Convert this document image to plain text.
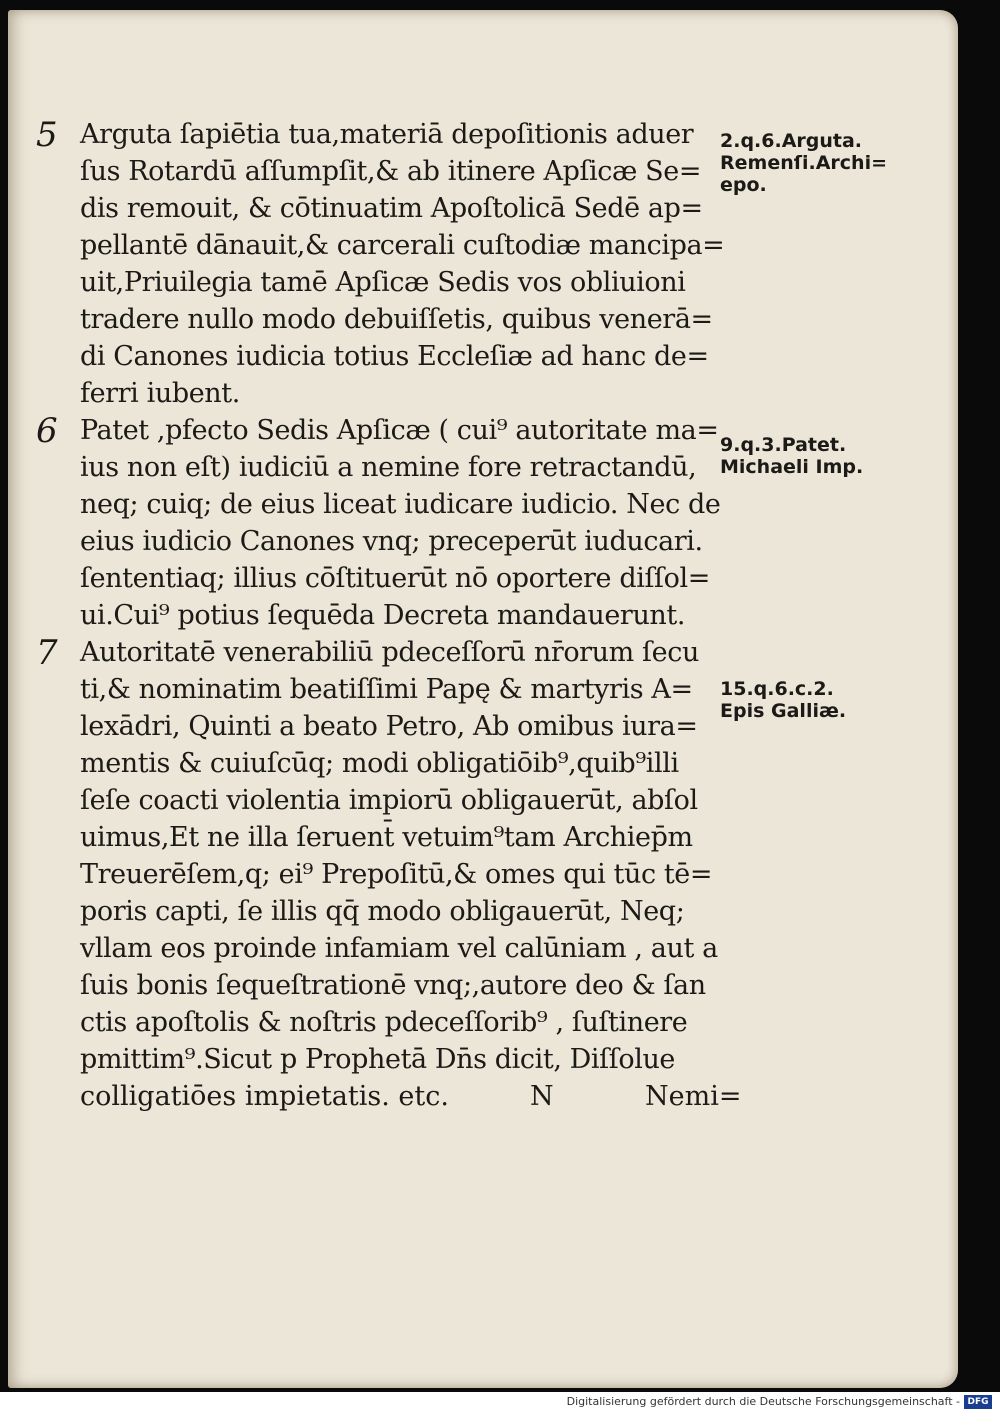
5 Arguta ſapiētia tua,materiā depoſitionis aduer
ſus Rotardū aſſumpſit,& ab itinere Apſicæ Se=
dis remouit, & cōtinuatim Apoſtolicā Sedē ap=
pellantē dānauit,& carcerali cuſtodiæ mancipa=
uit,Priuilegia tamē Apſicæ Sedis vos obliuioni
tradere nullo modo debuiſſetis, quibus venerā=
di Canones iudicia totius Eccleſiæ ad hanc de=
ferri iubent.
6 Patet ,pfecto Sedis Apſicæ ( cui⁹ autoritate ma=
ius non eſt) iudiciū a nemine fore retractandū,
neq; cuiq; de eius liceat iudicare iudicio. Nec de
eius iudicio Canones vnq; preceperūt iuducari.
ſententiaq; illius cōſtituerūt nō oportere diſſol=
ui.Cui⁹ potius ſequēda Decreta mandauerunt.
7 Autoritatē venerabiliū pdeceſſorū nr̄orum ſecu
ti,& nominatim beatiſſimi Papę & martyris A=
lexādri, Quinti a beato Petro, Ab omibus iura=
mentis & cuiuſcūq; modi obligatiōib⁹,quib⁹illi
ſeſe coacti violentia impiorū obligauerūt, abſol
uimus,Et ne illa ſeruent̄ vetuim⁹tam Archiep̄m
Treuerēſem,q; ei⁹ Prepoſitū,& omes qui tūc tē=
poris capti, ſe illis qq̄ modo obligauerūt, Neq;
vllam eos proinde infamiam vel calūniam , aut a
ſuis bonis ſequeſtrationē vnq;,autore deo & ſan
ctis apoſtolis & noſtris pdeceſſorib⁹ , ſuſtinere
pmittim⁹.Sicut p Prophetā Dn̄s dicit, Diſſolue
colligatiōes impietatis. etc.	N	Nemi=
2.q.6.Arguta.
Remenſi.Archi=
epo.
9.q.3.Patet.
Michaeli Imp.
15.q.6.c.2.
Epis Galliæ.
Digitalisierung gefördert durch die Deutsche Forschungsgemeinschaft - DFG
